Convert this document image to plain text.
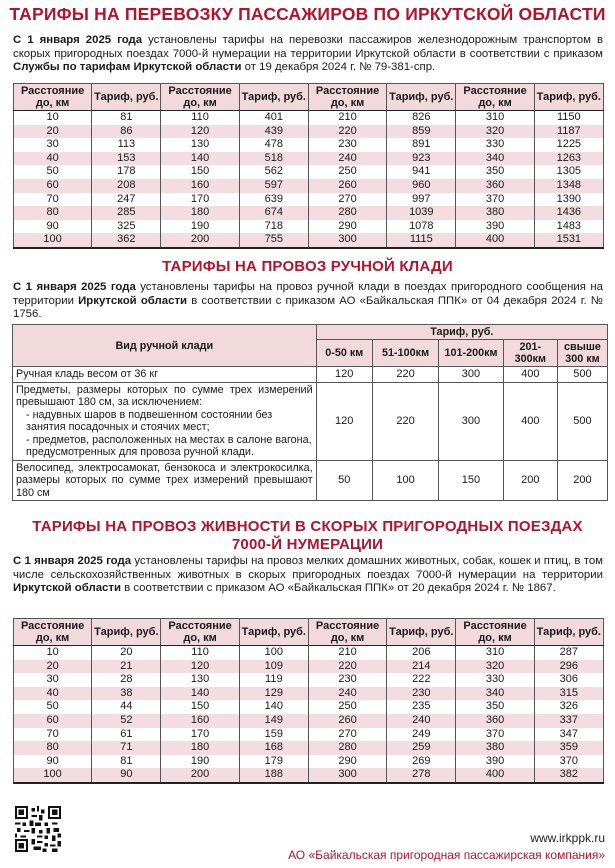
ТАРИФЫ НА ПЕРЕВОЗКУ ПАССАЖИРОВ ПО ИРКУТСКОЙ ОБЛАСТИ
С 1 января 2025 года установлены тарифы на перевозки пассажиров железнодорожным транспортом в скорых пригородных поездах 7000-й нумерации на территории Иркутской области в соответствии с приказом Службы по тарифам Иркутской области от 19 декабря 2024 г. № 79-381-спр.
Расстояние до, км	Тариф, руб.	Расстояние до, км	Тариф, руб.	Расстояние до, км	Тариф, руб.	Расстояние до, км	Тариф, руб.
10	81	110	401	210	826	310	1150
20	86	120	439	220	859	320	1187
30	113	130	478	230	891	330	1225
40	153	140	518	240	923	340	1263
50	178	150	562	250	941	350	1305
60	208	160	597	260	960	360	1348
70	247	170	639	270	997	370	1390
80	285	180	674	280	1039	380	1436
90	325	190	718	290	1078	390	1483
100	362	200	755	300	1115	400	1531
ТАРИФЫ НА ПРОВОЗ РУЧНОЙ КЛАДИ
С 1 января 2025 года установлены тарифы на провоз ручной клади в поездах пригородного сообщения на территории Иркутской области в соответствии с приказом АО «Байкальская ППК» от 04 декабря 2024 г. № 1756.
Вид ручной клади	Тариф, руб.				
	0-50 км	51-100км	101-200км	201-300км	свыше 300 км
Ручная кладь весом от 36 кг	120	220	300	400	500

Предметы, размеры которых по сумме трех измерений превышают 180 см, за исключением:
- надувных шаров в подвешенном состоянии без занятия посадочных и стоячих мест;
- предметов, расположенных на местах в салоне вагона, предусмотренных для провоза ручной клади.	120	220	300	400	500
Велосипед, электросамокат, бензокоса и электрокосилка, размеры которых по сумме трех измерений превышают 180 см	50	100	150	200	200
ТАРИФЫ НА ПРОВОЗ ЖИВНОСТИ В СКОРЫХ ПРИГОРОДНЫХ ПОЕЗДАХ
7000-Й НУМЕРАЦИИ
С 1 января 2025 года установлены тарифы на провоз мелких домашних животных, собак, кошек и птиц, в том числе сельскохозяйственных животных в скорых пригородных поездах 7000-й нумерации на территории Иркутской области в соответствии с приказом АО «Байкальская ППК» от 20 декабря 2024 г. № 1867.
Расстояние до, км	Тариф, руб.	Расстояние до, км	Тариф, руб.	Расстояние до, км	Тариф, руб.	Расстояние до, км	Тариф, руб.
10	20	110	100	210	206	310	287
20	21	120	109	220	214	320	296
30	28	130	119	230	222	330	306
40	38	140	129	240	230	340	315
50	44	150	140	250	235	350	326
60	52	160	149	260	240	360	337
70	61	170	159	270	249	370	347
80	71	180	168	280	259	380	359
90	81	190	179	290	269	390	370
100	90	200	188	300	278	400	382
www.irkppk.ru
АО «Байкальская пригородная пассажирская компания»
